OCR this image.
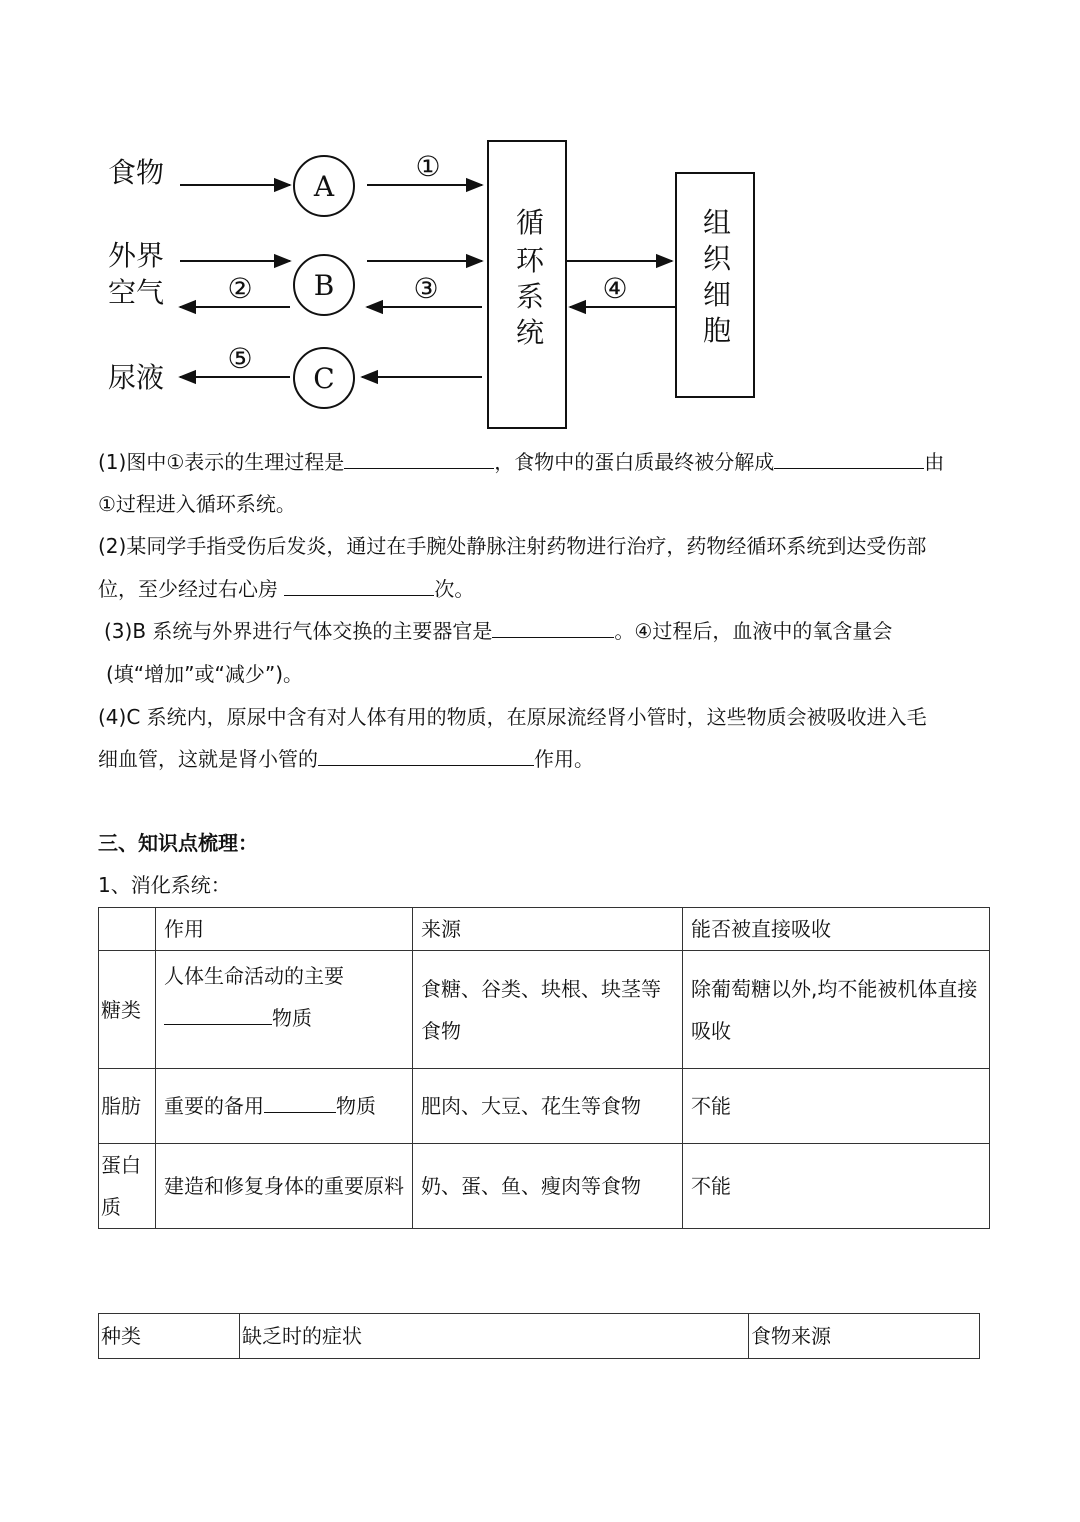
食物
外界
空气
尿液
A
B
C
①
②	③	④
⑤
循
环
系
统
组
织
细
胞
(1)图中①表示的生理过程是	，食物中的蛋白质最终被分解成	由
①过程进入循环系统。
(2)某同学手指受伤后发炎，通过在手腕处静脉注射药物进行治疗，药物经循环系统到达受伤部
位，至少经过右心房	次。
(3)B 系统与外界进行气体交换的主要器官是	。④过程后，血液中的氧含量会
(填“增加”或“减少”)。
(4)C 系统内，原尿中含有对人体有用的物质，在原尿流经肾小管时，这些物质会被吸收进入毛
细血管，这就是肾小管的	作用。
三、知识点梳理：
1、消化系统：
	作用	来源	能否被直接吸收
糖类	人体生命活动的主要
物质	食糖、谷类、块根、块茎等食物	除葡萄糖以外,均不能被机体直接吸收
脂肪	重要的备用 物质	肥肉、大豆、花生等食物	不能
蛋白质	建造和修复身体的重要原料	奶、蛋、鱼、瘦肉等食物	不能
种类	缺乏时的症状	食物来源
